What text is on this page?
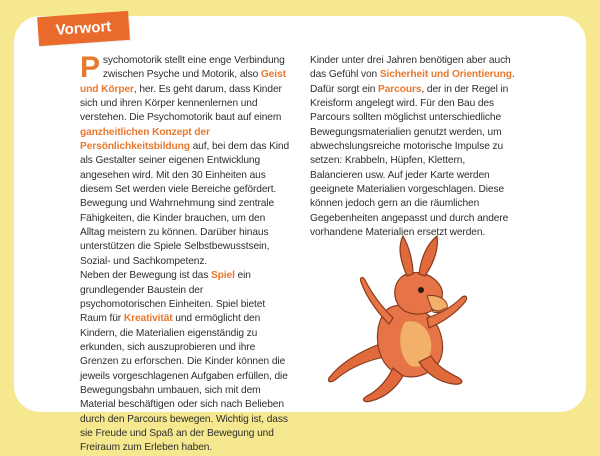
Vorwort

Psychomotorik stellt eine enge Verbindung zwischen Psyche und Motorik, also Geist und Körper, her. Es geht darum, dass Kinder sich und ihren Körper kennenlernen und verstehen. Die Psychomotorik baut auf einem ganzheitlichen Konzept der Persönlichkeitsbildung auf, bei dem das Kind als Gestalter seiner eigenen Entwicklung angesehen wird. Mit den 30 Einheiten aus diesem Set werden viele Bereiche gefördert. Bewegung und Wahrnehmung sind zentrale Fähigkeiten, die Kinder brauchen, um den Alltag meistern zu können. Darüber hinaus unterstützen die Spiele Selbstbewusstsein, Sozial- und Sachkompetenz.

Neben der Bewegung ist das Spiel ein grundlegender Baustein der psychomotorischen Einheiten. Spiel bietet Raum für Kreativität und ermöglicht den Kindern, die Materialien eigenständig zu erkunden, sich auszuprobieren und ihre Grenzen zu erforschen. Die Kinder können die jeweils vorgeschlagenen Aufgaben erfüllen, die Bewegungsbahn umbauen, sich mit dem Material beschäftigen oder sich nach Belieben durch den Parcours bewegen. Wichtig ist, dass sie Freude und Spaß an der Bewegung und Freiraum zum Erleben haben.

Kinder unter drei Jahren benötigen aber auch das Gefühl von Sicherheit und Orientierung. Dafür sorgt ein Parcours, der in der Regel in Kreisform angelegt wird. Für den Bau des Parcours sollten möglichst unterschiedliche Bewegungsmaterialien genutzt werden, um abwechslungsreiche motorische Impulse zu setzen: Krabbeln, Hüpfen, Klettern, Balancieren usw. Auf jeder Karte werden geeignete Materialien vorgeschlagen. Diese können jedoch gern an die räumlichen Gegebenheiten angepasst und durch andere vorhandene Materialien ersetzt werden.
